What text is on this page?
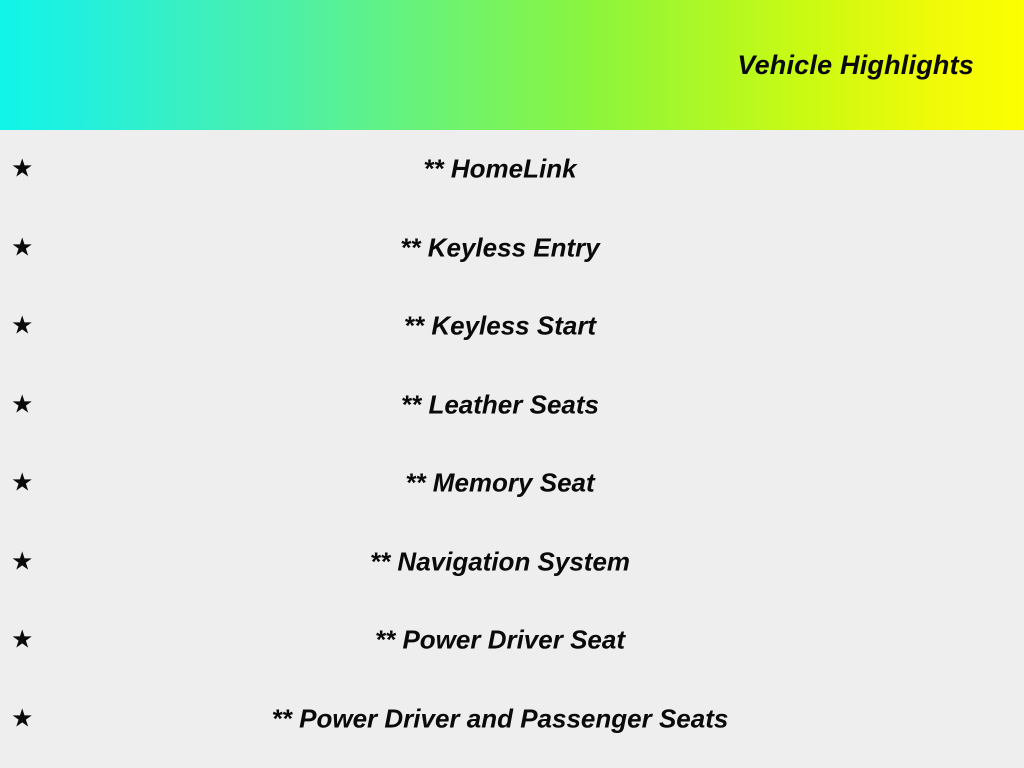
Vehicle Highlights
★	** HomeLink
★	** Keyless Entry
★	** Keyless Start
★	** Leather Seats
★	** Memory Seat
★	** Navigation System
★	** Power Driver Seat
★	** Power Driver and Passenger Seats
